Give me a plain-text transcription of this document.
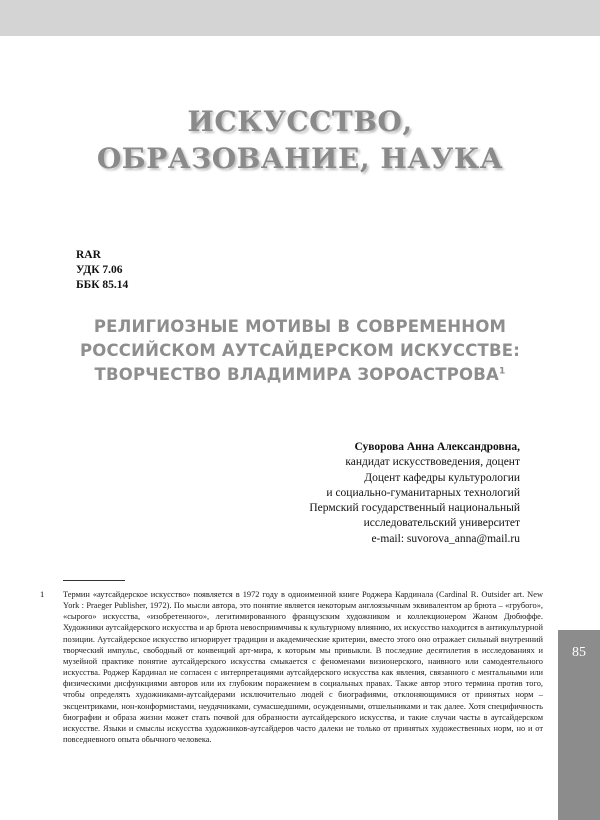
ИСКУССТВО,
ОБРАЗОВАНИЕ, НАУКА
RAR
УДК 7.06
ББК 85.14
РЕЛИГИОЗНЫЕ МОТИВЫ В СОВРЕМЕННОМ
РОССИЙСКОМ АУТСАЙДЕРСКОМ ИСКУССТВЕ:
ТВОРЧЕСТВО ВЛАДИМИРА ЗОРОАСТРОВА$^1$
Суворова Анна Александровна,
кандидат искусствоведения, доцент
Доцент кафедры культурологии
и социально-гуманитарных технологий
Пермский государственный национальный
исследовательский университет
e-mail: suvorova_anna@mail.ru
1 Термин «аутсайдерское искусство» появляется в 1972 году в одноименной книге Роджера Кардинала (Cardinal R. Outsider art. New York : Praeger Publisher, 1972). По мысли автора, это понятие является некоторым англоязычным эквивалентом ар брюта – «грубого», «сырого» искусства, «изобретенного», легитимированного французским художником и коллекционером Жаном Дюбюффе. Художники аутсайдерского искусства и ар брюта невосприимчивы к культурному влиянию, их искусство находится в антикультурной позиции. Аутсайдерское искусство игнорирует традиции и академические критерии, вместо этого оно отражает сильный внутренний творческий импульс, свободный от конвенций арт-мира, к которым мы привыкли. В последние десятилетия в исследованиях и музейной практике понятие аутсайдерского искусства смыкается с феноменами визионерского, наивного или самодеятельного искусства. Роджер Кардинал не согласен с интерпретациями аутсайдерского искусства как явления, связанного с ментальными или физическими дисфункциями авторов или их глубоким поражением в социальных правах. Также автор этого термина против того, чтобы определять художниками-аутсайдерами исключительно людей с биографиями, отклоняющимися от принятых норм – эксцентриками, нон-конформистами, неудачниками, сумасшедшими, осужденными, отшельниками и так далее. Хотя специфичность биографии и образа жизни может стать почвой для образности аутсайдерского искусства, и такие случаи часты в аутсайдерском искусстве. Языки и смыслы искусства художников-аутсайдеров часто далеки не только от принятых художественных норм, но и от повседневного опыта обычного человека.
85
